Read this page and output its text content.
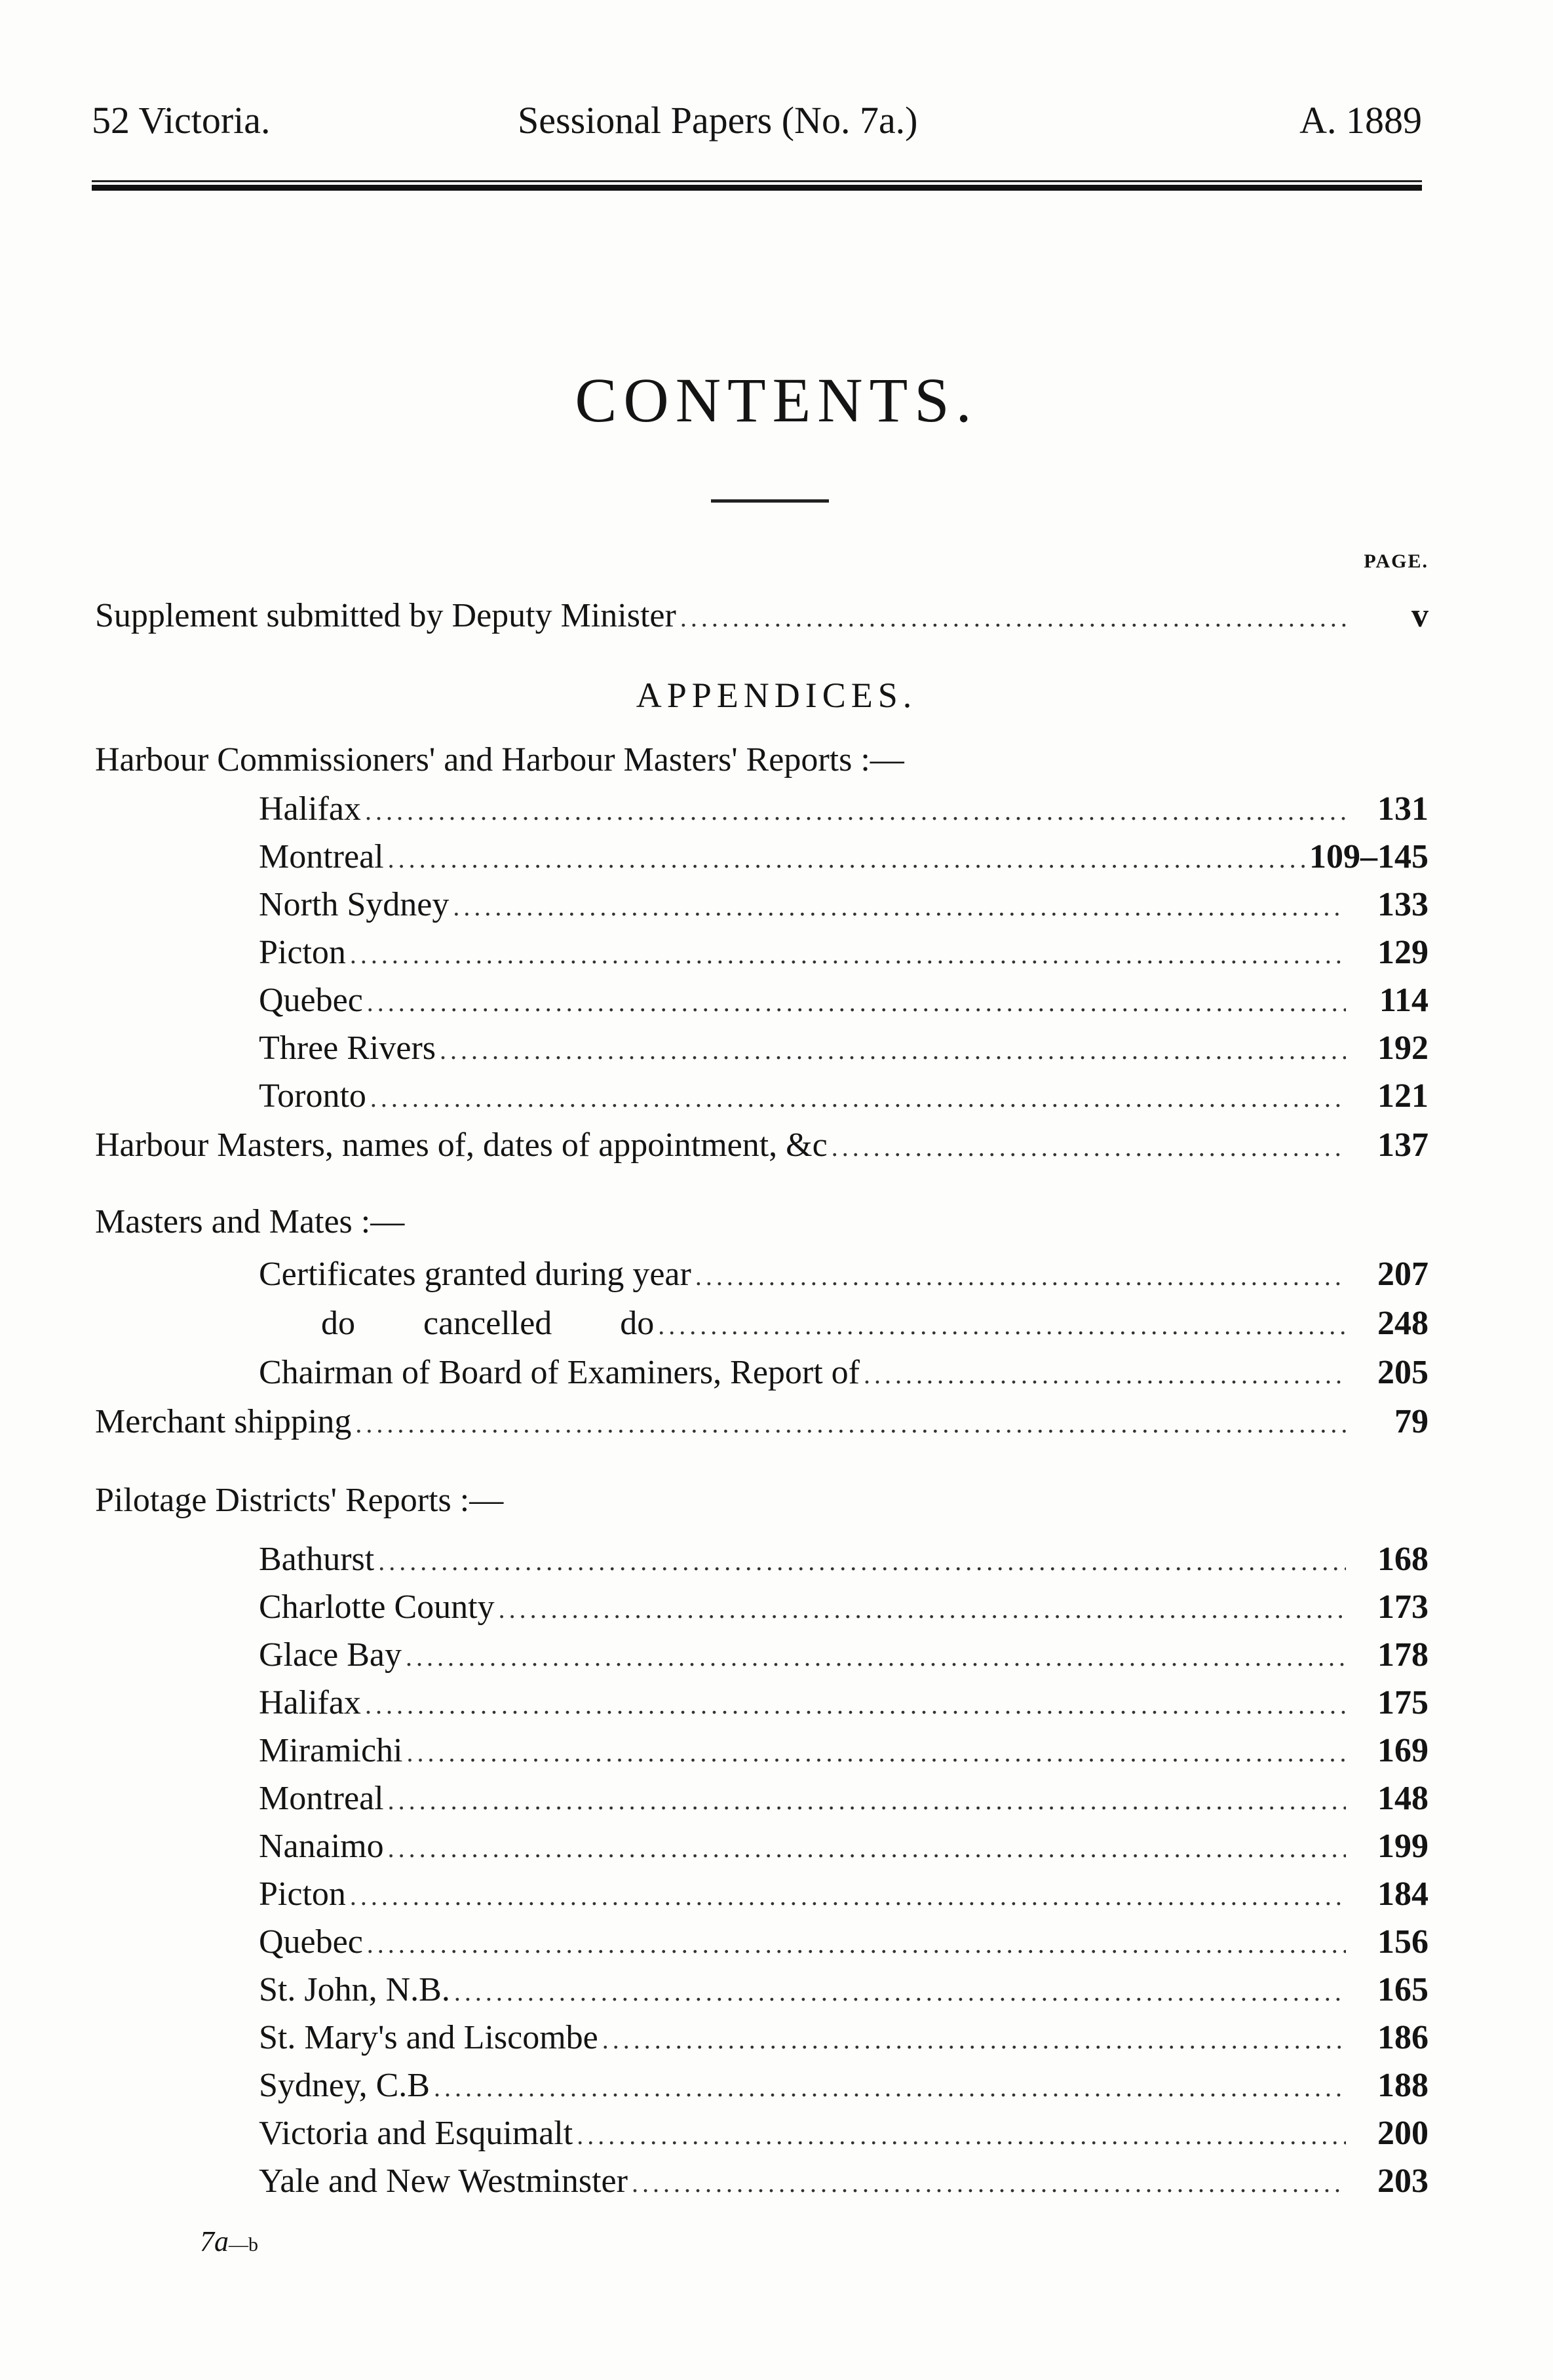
52 Victoria.	Sessional Papers (No. 7a.)	A. 1889
CONTENTS.
PAGE.
Supplement submitted by Deputy Minister .....	v
APPENDICES.
Harbour Commissioners' and Harbour Masters' Reports :—
Halifax .....	131
Montreal .....	109–145
North Sydney .....	133
Picton .....	129
Quebec .....	114
Three Rivers .....	192
Toronto .....	121
Harbour Masters, names of, dates of appointment, &c .....	137
Masters and Mates :—
Certificates granted during year .....	207
do        cancelled        do .....	248
Chairman of Board of Examiners, Report of .....	205
Merchant shipping .....	79
Pilotage Districts' Reports :—
Bathurst .....	168
Charlotte County .....	173
Glace Bay .....	178
Halifax .....	175
Miramichi .....	169
Montreal .....	148
Nanaimo .....	199
Picton .....	184
Quebec .....	156
St. John, N.B. .....	165
St. Mary's and Liscombe .....	186
Sydney, C.B .....	188
Victoria and Esquimalt .....	200
Yale and New Westminster .....	203
7a—b
